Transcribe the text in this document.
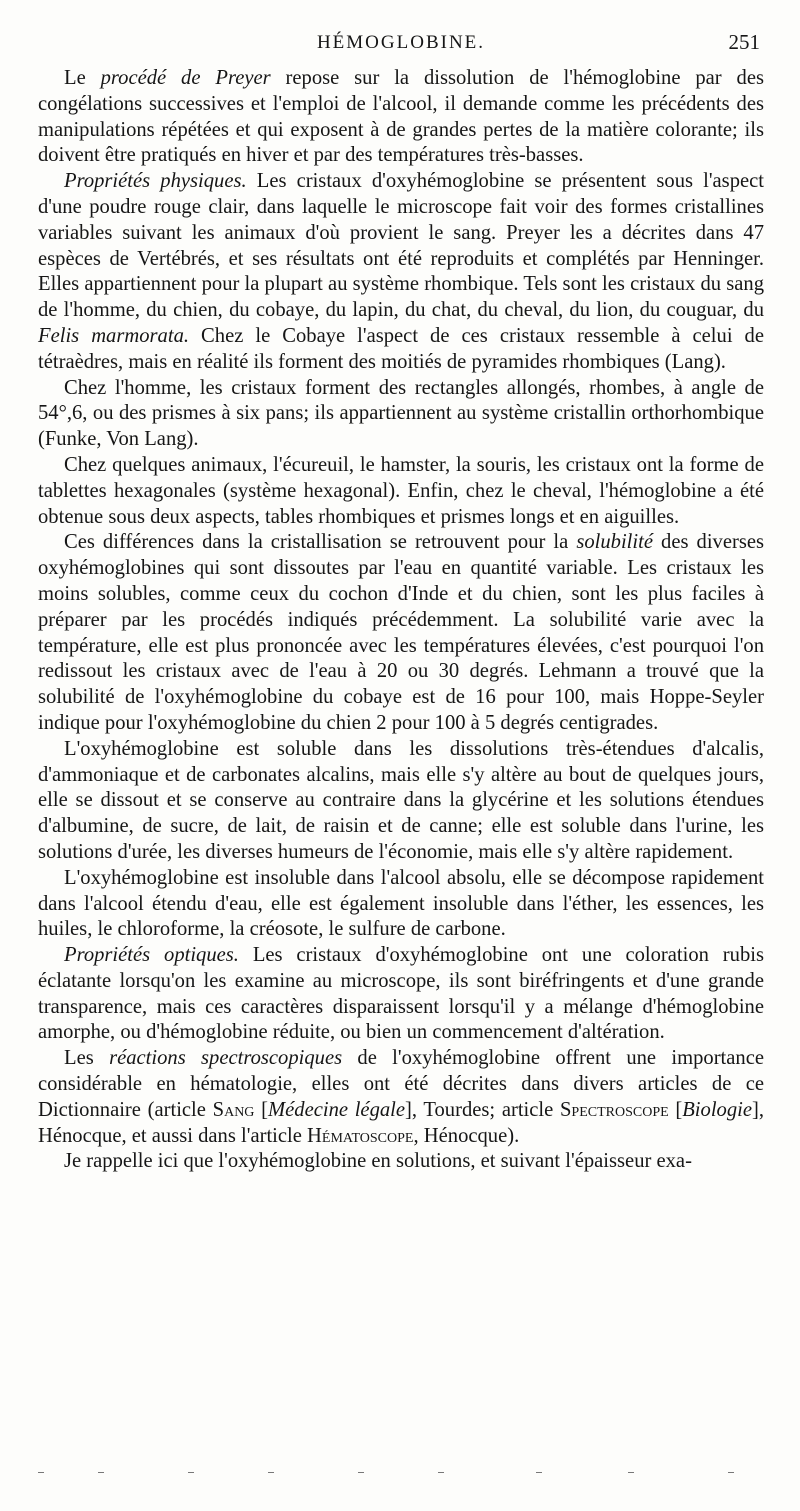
HÉMOGLOBINE.	251

Le procédé de Preyer repose sur la dissolution de l'hémoglobine par des congélations successives et l'emploi de l'alcool, il demande comme les précédents des manipulations répétées et qui exposent à de grandes pertes de la matière colorante; ils doivent être pratiqués en hiver et par des températures très-basses.

Propriétés physiques. Les cristaux d'oxyhémoglobine se présentent sous l'aspect d'une poudre rouge clair, dans laquelle le microscope fait voir des formes cristallines variables suivant les animaux d'où provient le sang. Preyer les a décrites dans 47 espèces de Vertébrés, et ses résultats ont été reproduits et complétés par Henninger. Elles appartiennent pour la plupart au système rhombique. Tels sont les cristaux du sang de l'homme, du chien, du cobaye, du lapin, du chat, du cheval, du lion, du couguar, du Felis marmorata. Chez le Cobaye l'aspect de ces cristaux ressemble à celui de tétraèdres, mais en réalité ils forment des moitiés de pyramides rhombiques (Lang).

Chez l'homme, les cristaux forment des rectangles allongés, rhombes, à angle de 54°,6, ou des prismes à six pans; ils appartiennent au système cristallin orthorhombique (Funke, Von Lang).

Chez quelques animaux, l'écureuil, le hamster, la souris, les cristaux ont la forme de tablettes hexagonales (système hexagonal). Enfin, chez le cheval, l'hémoglobine a été obtenue sous deux aspects, tables rhombiques et prismes longs et en aiguilles.

Ces différences dans la cristallisation se retrouvent pour la solubilité des diverses oxyhémoglobines qui sont dissoutes par l'eau en quantité variable. Les cristaux les moins solubles, comme ceux du cochon d'Inde et du chien, sont les plus faciles à préparer par les procédés indiqués précédemment. La solubilité varie avec la température, elle est plus prononcée avec les températures élevées, c'est pourquoi l'on redissout les cristaux avec de l'eau à 20 ou 30 degrés. Lehmann a trouvé que la solubilité de l'oxyhémoglobine du cobaye est de 16 pour 100, mais Hoppe-Seyler indique pour l'oxyhémoglobine du chien 2 pour 100 à 5 degrés centigrades.

L'oxyhémoglobine est soluble dans les dissolutions très-étendues d'alcalis, d'ammoniaque et de carbonates alcalins, mais elle s'y altère au bout de quelques jours, elle se dissout et se conserve au contraire dans la glycérine et les solutions étendues d'albumine, de sucre, de lait, de raisin et de canne; elle est soluble dans l'urine, les solutions d'urée, les diverses humeurs de l'économie, mais elle s'y altère rapidement.

L'oxyhémoglobine est insoluble dans l'alcool absolu, elle se décompose rapidement dans l'alcool étendu d'eau, elle est également insoluble dans l'éther, les essences, les huiles, le chloroforme, la créosote, le sulfure de carbone.

Propriétés optiques. Les cristaux d'oxyhémoglobine ont une coloration rubis éclatante lorsqu'on les examine au microscope, ils sont biréfringents et d'une grande transparence, mais ces caractères disparaissent lorsqu'il y a mélange d'hémoglobine amorphe, ou d'hémoglobine réduite, ou bien un commencement d'altération.

Les réactions spectroscopiques de l'oxyhémoglobine offrent une importance considérable en hématologie, elles ont été décrites dans divers articles de ce Dictionnaire (article Sang [Médecine légale], Tourdes; article Spectroscope [Biologie], Hénocque, et aussi dans l'article Hématoscope, Hénocque).

Je rappelle ici que l'oxyhémoglobine en solutions, et suivant l'épaisseur exa-
